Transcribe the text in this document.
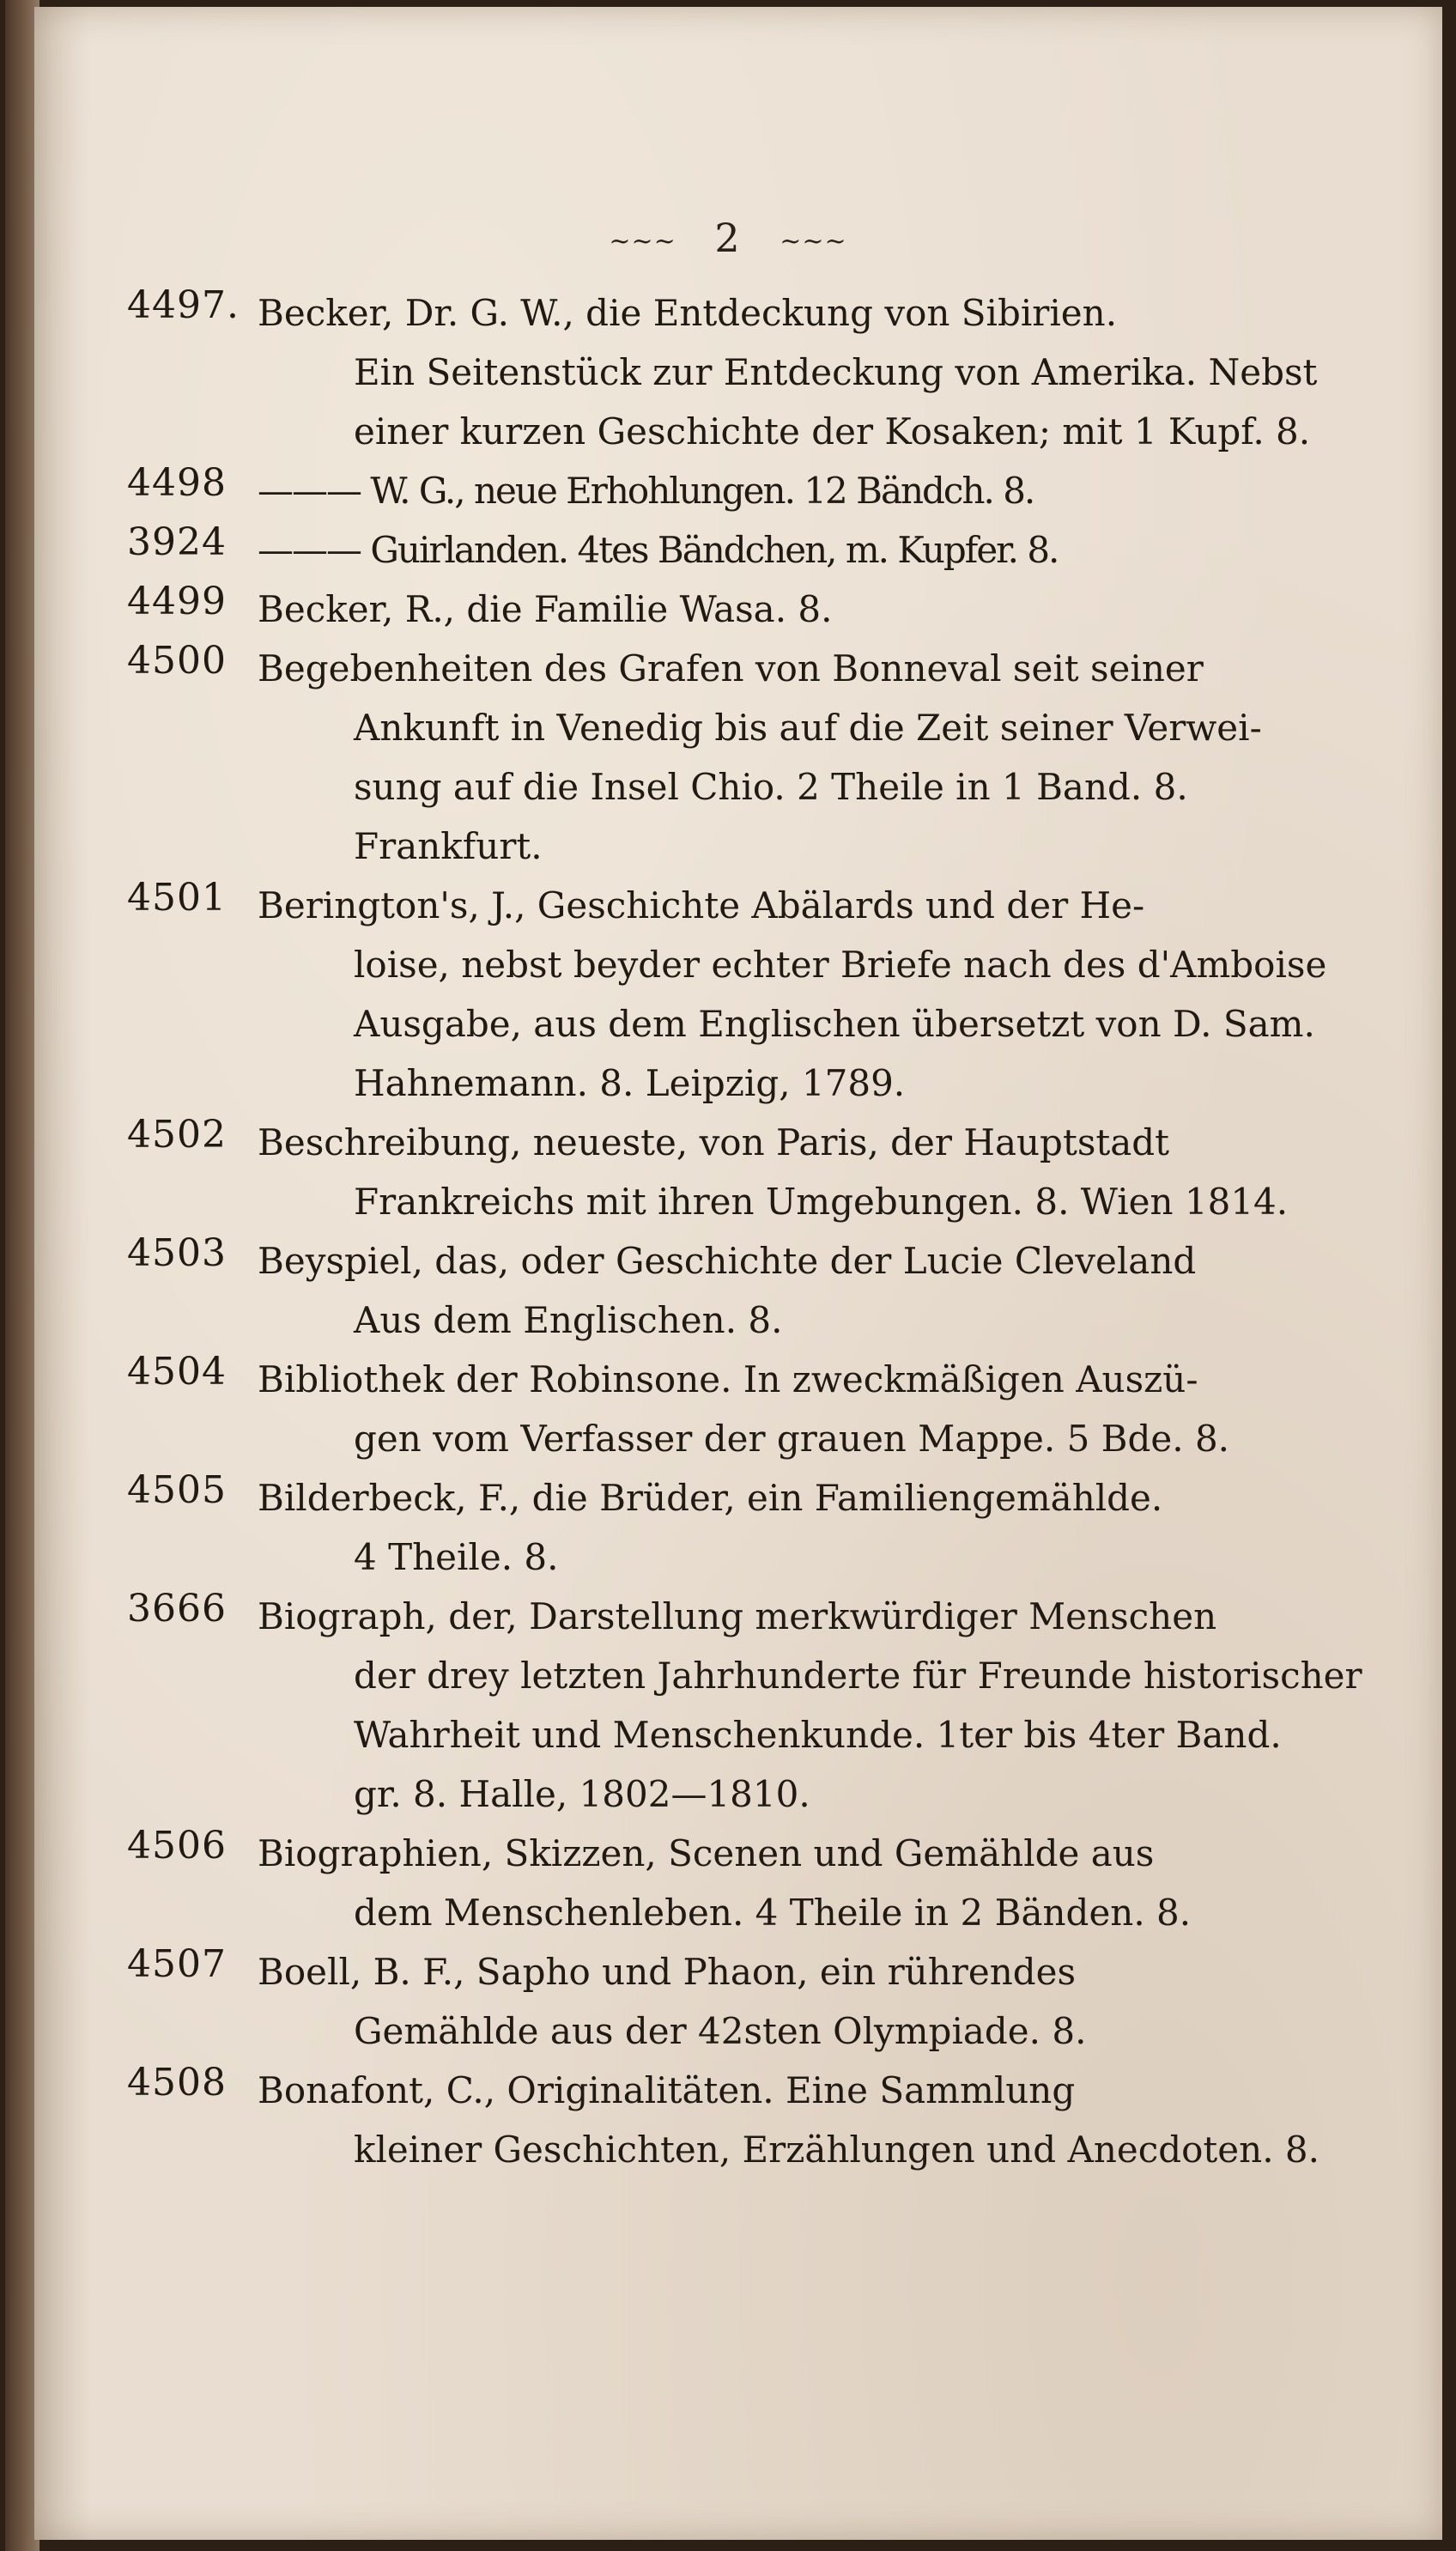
~~~ 2 ~~~
4497. Becker, Dr. G. W., die Entdeckung von Sibirien.
Ein Seitenstück zur Entdeckung von Amerika. Nebst
einer kurzen Geschichte der Kosaken; mit 1 Kupf. 8.
4498 ——— W. G., neue Erhohlungen. 12 Bändch. 8.
3924 ——— Guirlanden. 4tes Bändchen, m. Kupfer. 8.
4499 Becker, R., die Familie Wasa. 8.
4500 Begebenheiten des Grafen von Bonneval seit seiner
Ankunft in Venedig bis auf die Zeit seiner Verwei-
sung auf die Insel Chio. 2 Theile in 1 Band. 8.
Frankfurt.
4501 Berington's, J., Geschichte Abälards und der He-
loise, nebst beyder echter Briefe nach des d'Amboise
Ausgabe, aus dem Englischen übersetzt von D. Sam.
Hahnemann. 8. Leipzig, 1789.
4502 Beschreibung, neueste, von Paris, der Hauptstadt
Frankreichs mit ihren Umgebungen. 8. Wien 1814.
4503 Beyspiel, das, oder Geschichte der Lucie Cleveland
Aus dem Englischen. 8.
4504 Bibliothek der Robinsone. In zweckmäßigen Auszü-
gen vom Verfasser der grauen Mappe. 5 Bde. 8.
4505 Bilderbeck, F., die Brüder, ein Familiengemählde.
4 Theile. 8.
3666 Biograph, der, Darstellung merkwürdiger Menschen
der drey letzten Jahrhunderte für Freunde historischer
Wahrheit und Menschenkunde. 1ter bis 4ter Band.
gr. 8. Halle, 1802—1810.
4506 Biographien, Skizzen, Scenen und Gemählde aus
dem Menschenleben. 4 Theile in 2 Bänden. 8.
4507 Boell, B. F., Sapho und Phaon, ein rührendes
Gemählde aus der 42sten Olympiade. 8.
4508 Bonafont, C., Originalitäten. Eine Sammlung
kleiner Geschichten, Erzählungen und Anecdoten. 8.
